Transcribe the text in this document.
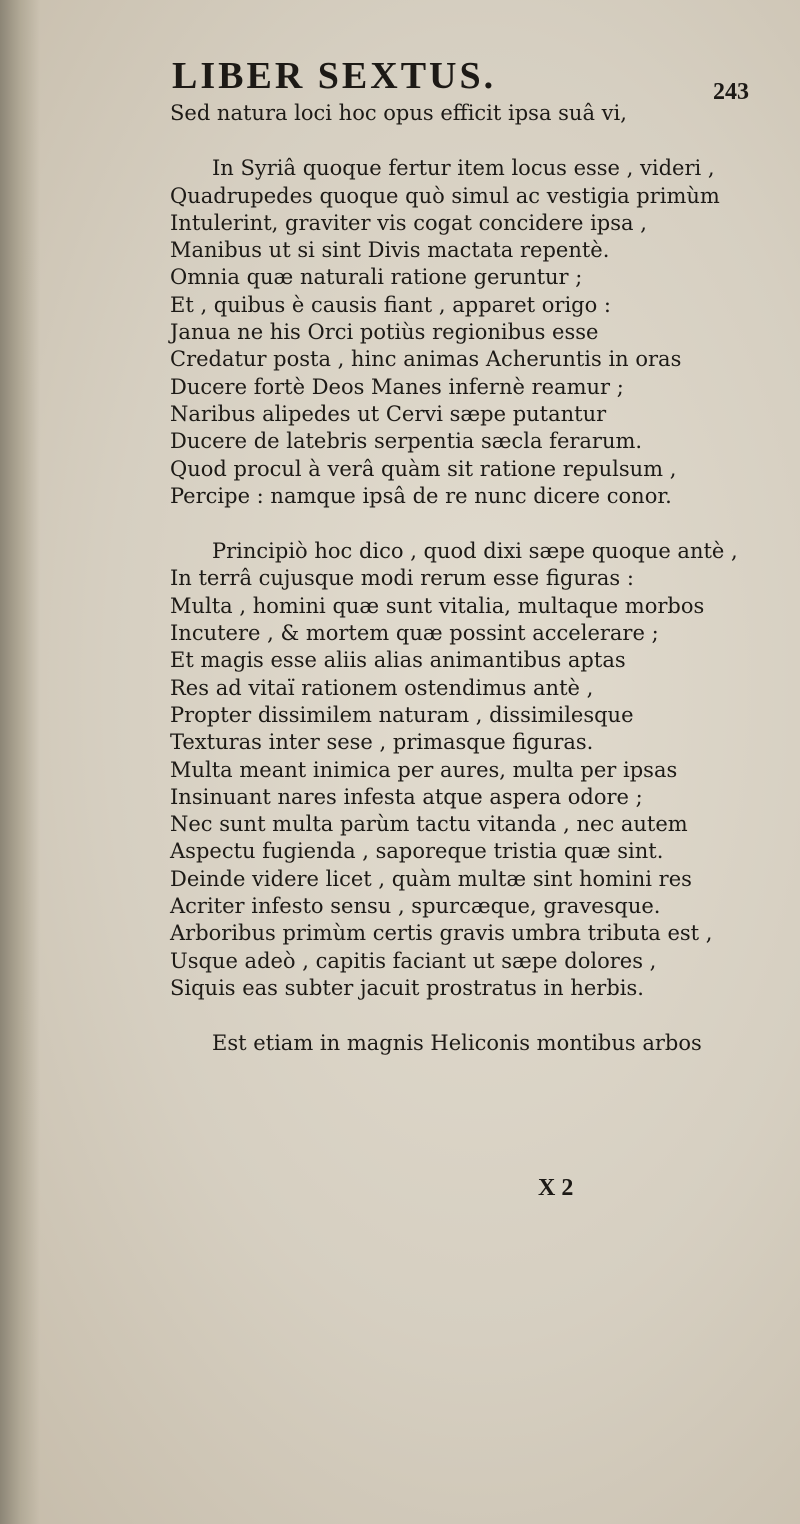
LIBER SEXTUS.	243
Sed natura loci hoc opus efficit ipsa suâ vi,
In Syriâ quoque fertur item locus esse , videri ,
Quadrupedes quoque quò simul ac vestigia primùm
Intulerint, graviter vis cogat concidere ipsa ,
Manibus ut si sint Divis mactata repentè.
Omnia quæ naturali ratione geruntur ;
Et , quibus è causis fiant , apparet origo :
Janua ne his Orci potiùs regionibus esse
Credatur posta , hinc animas Acheruntis in oras
Ducere fortè Deos Manes infernè reamur ;
Naribus alipedes ut Cervi sæpe putantur
Ducere de latebris serpentia sæcla ferarum.
Quod procul à verâ quàm sit ratione repulsum ,
Percipe : namque ipsâ de re nunc dicere conor.
Principiò hoc dico , quod dixi sæpe quoque antè ,
In terrâ cujusque modi rerum esse figuras :
Multa , homini quæ sunt vitalia, multaque morbos
Incutere , & mortem quæ possint accelerare ;
Et magis esse aliis alias animantibus aptas
Res ad vitaï rationem ostendimus antè ,
Propter dissimilem naturam , dissimilesque
Texturas inter sese , primasque figuras.
Multa meant inimica per aures, multa per ipsas
Insinuant nares infesta atque aspera odore ;
Nec sunt multa parùm tactu vitanda , nec autem
Aspectu fugienda , saporeque tristia quæ sint.
Deinde videre licet , quàm multæ sint homini res
Acriter infesto sensu , spurcæque, gravesque.
Arboribus primùm certis gravis umbra tributa est ,
Usque adeò , capitis faciant ut sæpe dolores ,
Siquis eas subter jacuit prostratus in herbis.
Est etiam in magnis Heliconis montibus arbos
X 2
